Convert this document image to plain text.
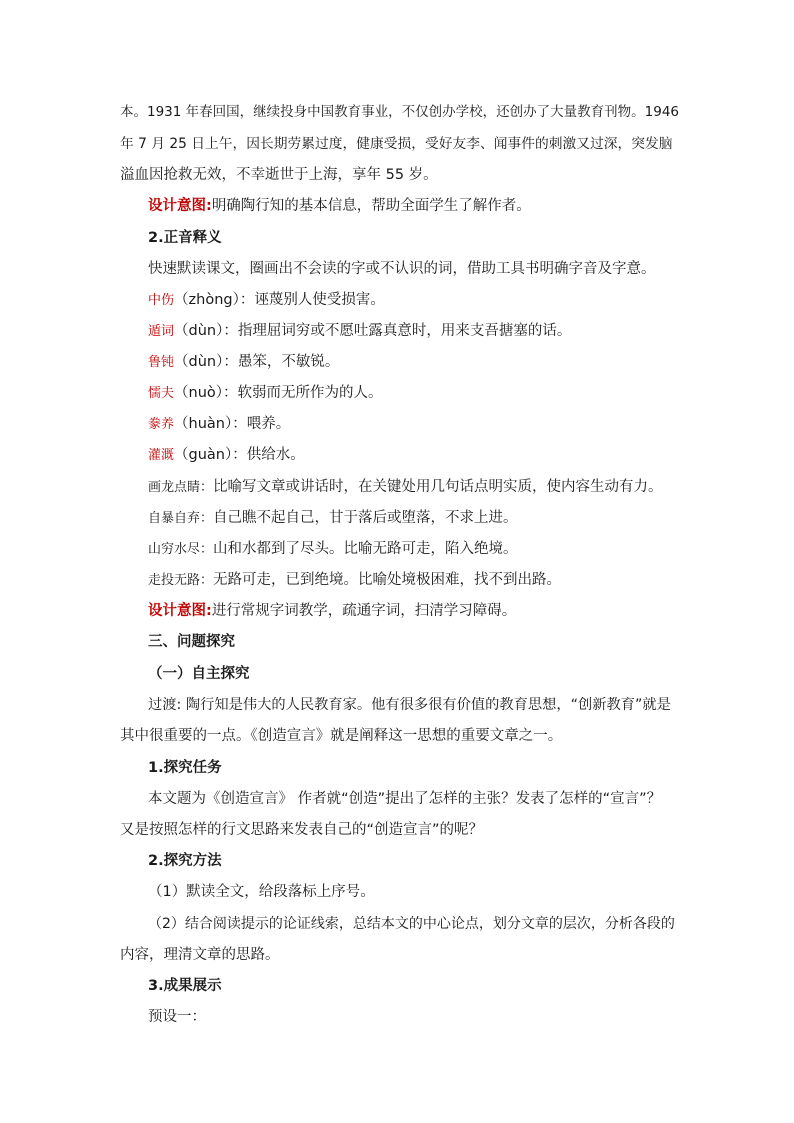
本。1931 年春回国，继续投身中国教育事业，不仅创办学校，还创办了大量教育刊物。1946
年 7 月 25 日上午，因长期劳累过度，健康受损，受好友李、闻事件的刺激又过深，突发脑
溢血因抢救无效，不幸逝世于上海，享年 55 岁。
设计意图:明确陶行知的基本信息，帮助全面学生了解作者。
2.正音释义
快速默读课文，圈画出不会读的字或不认识的词，借助工具书明确字音及字意。
中伤（zhòng）：诬蔑别人使受损害。
遁词（dùn）：指理屈词穷或不愿吐露真意时，用来支吾搪塞的话。
鲁钝（dùn）：愚笨，不敏锐。
懦夫（nuò）：软弱而无所作为的人。
豢养（huàn）：喂养。
灌溉（guàn）：供给水。
画龙点睛：比喻写文章或讲话时，在关键处用几句话点明实质，使内容生动有力。
自暴自弃：自己瞧不起自己，甘于落后或堕落，不求上进。
山穷水尽：山和水都到了尽头。比喻无路可走，陷入绝境。
走投无路：无路可走，已到绝境。比喻处境极困难，找不到出路。
设计意图:进行常规字词教学，疏通字词，扫清学习障碍。
三、问题探究
（一）自主探究
过渡: 陶行知是伟大的人民教育家。他有很多很有价值的教育思想，“创新教育”就是
其中很重要的一点。《创造宣言》就是阐释这一思想的重要文章之一。
1.探究任务
本文题为《创造宣言》 作者就“创造”提出了怎样的主张？发表了怎样的“宣言”？
又是按照怎样的行文思路来发表自己的“创造宣言”的呢？
2.探究方法
（1）默读全文，给段落标上序号。
（2）结合阅读提示的论证线索，总结本文的中心论点，划分文章的层次，分析各段的
内容，理清文章的思路。
3.成果展示
预设一：
